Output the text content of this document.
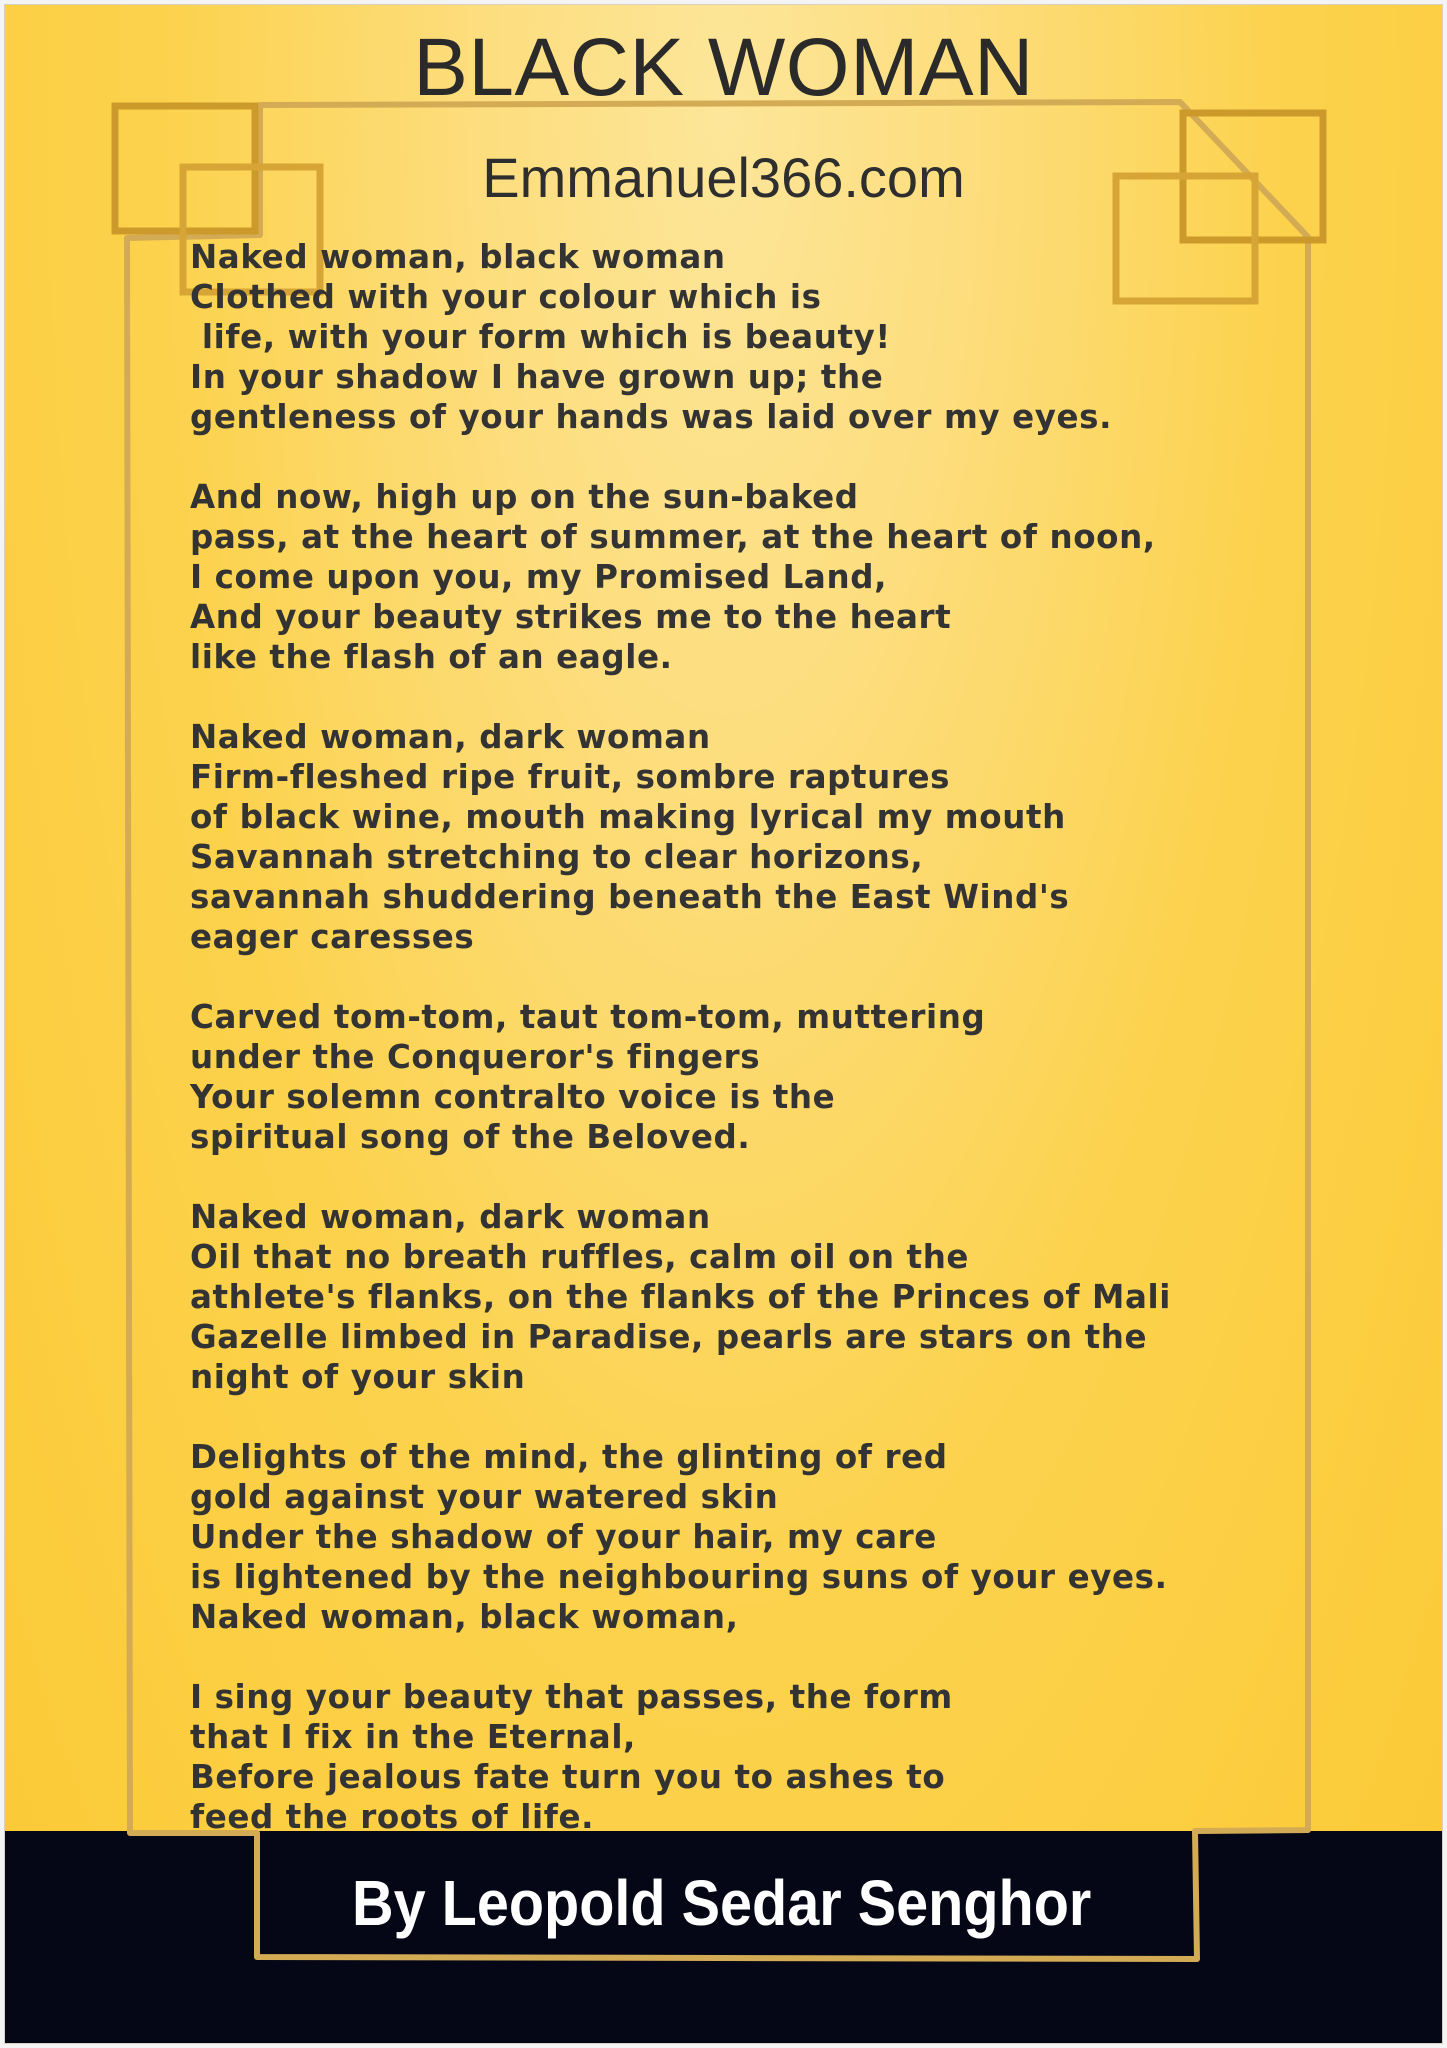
BLACK WOMAN
Emmanuel366.com
Naked woman, black woman
Clothed with your colour which is
life, with your form which is beauty!
In your shadow I have grown up; the
gentleness of your hands was laid over my eyes.
And now, high up on the sun-baked
pass, at the heart of summer, at the heart of noon,
I come upon you, my Promised Land,
And your beauty strikes me to the heart
like the flash of an eagle.
Naked woman, dark woman
Firm-fleshed ripe fruit, sombre raptures
of black wine, mouth making lyrical my mouth
Savannah stretching to clear horizons,
savannah shuddering beneath the East Wind's
eager caresses
Carved tom-tom, taut tom-tom, muttering
under the Conqueror's fingers
Your solemn contralto voice is the
spiritual song of the Beloved.
Naked woman, dark woman
Oil that no breath ruffles, calm oil on the
athlete's flanks, on the flanks of the Princes of Mali
Gazelle limbed in Paradise, pearls are stars on the
night of your skin
Delights of the mind, the glinting of red
gold against your watered skin
Under the shadow of your hair, my care
is lightened by the neighbouring suns of your eyes.
Naked woman, black woman,
I sing your beauty that passes, the form
that I fix in the Eternal,
Before jealous fate turn you to ashes to
feed the roots of life.
By Leopold Sedar Senghor
